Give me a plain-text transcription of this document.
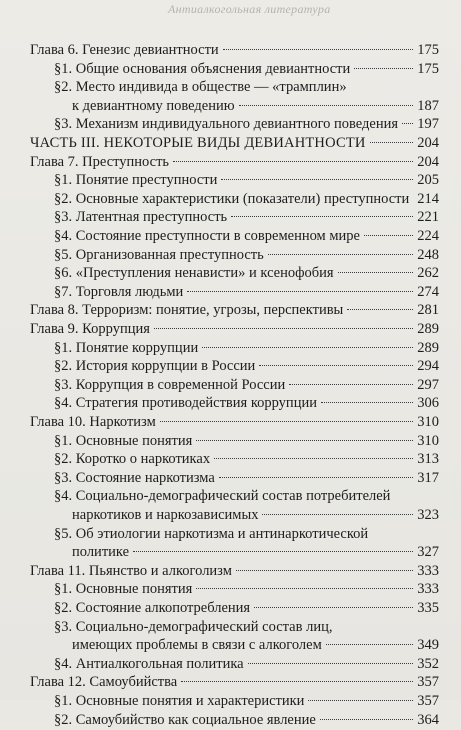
Антиалкогольная литература
Глава 6. Генезис девиантности	175
§1. Общие основания объяснения девиантности	175
§2. Место индивида в обществе — «трамплин»
к девиантному поведению	187
§3. Механизм индивидуального девиантного поведения 197
ЧАСТЬ III. НЕКОТОРЫЕ ВИДЫ ДЕВИАНТНОСТИ	204
Глава 7. Преступность	204
§1. Понятие преступности	205
§2. Основные характеристики (показатели) преступности 214
§3. Латентная преступность	221
§4. Состояние преступности в современном мире	224
§5. Организованная преступность	248
§6. «Преступления ненависти» и ксенофобия	262
§7. Торговля людьми	274
Глава 8. Терроризм: понятие, угрозы, перспективы	281
Глава 9. Коррупция	289
§1. Понятие коррупции	289
§2. История коррупции в России	294
§3. Коррупция в современной России	297
§4. Стратегия противодействия коррупции	306
Глава 10. Наркотизм	310
§1. Основные понятия	310
§2. Коротко о наркотиках	313
§3. Состояние наркотизма	317
§4. Социально-демографический состав потребителей
наркотиков и наркозависимых	323
§5. Об этиологии наркотизма и антинаркотической
политике	327
Глава 11. Пьянство и алкоголизм	333
§1. Основные понятия	333
§2. Состояние алкопотребления	335
§3. Социально-демографический состав лиц,
имеющих проблемы в связи с алкоголем	349
§4. Антиалкогольная политика	352
Глава 12. Самоубийства	357
§1. Основные понятия и характеристики	357
§2. Самоубийство как социальное явление	364
